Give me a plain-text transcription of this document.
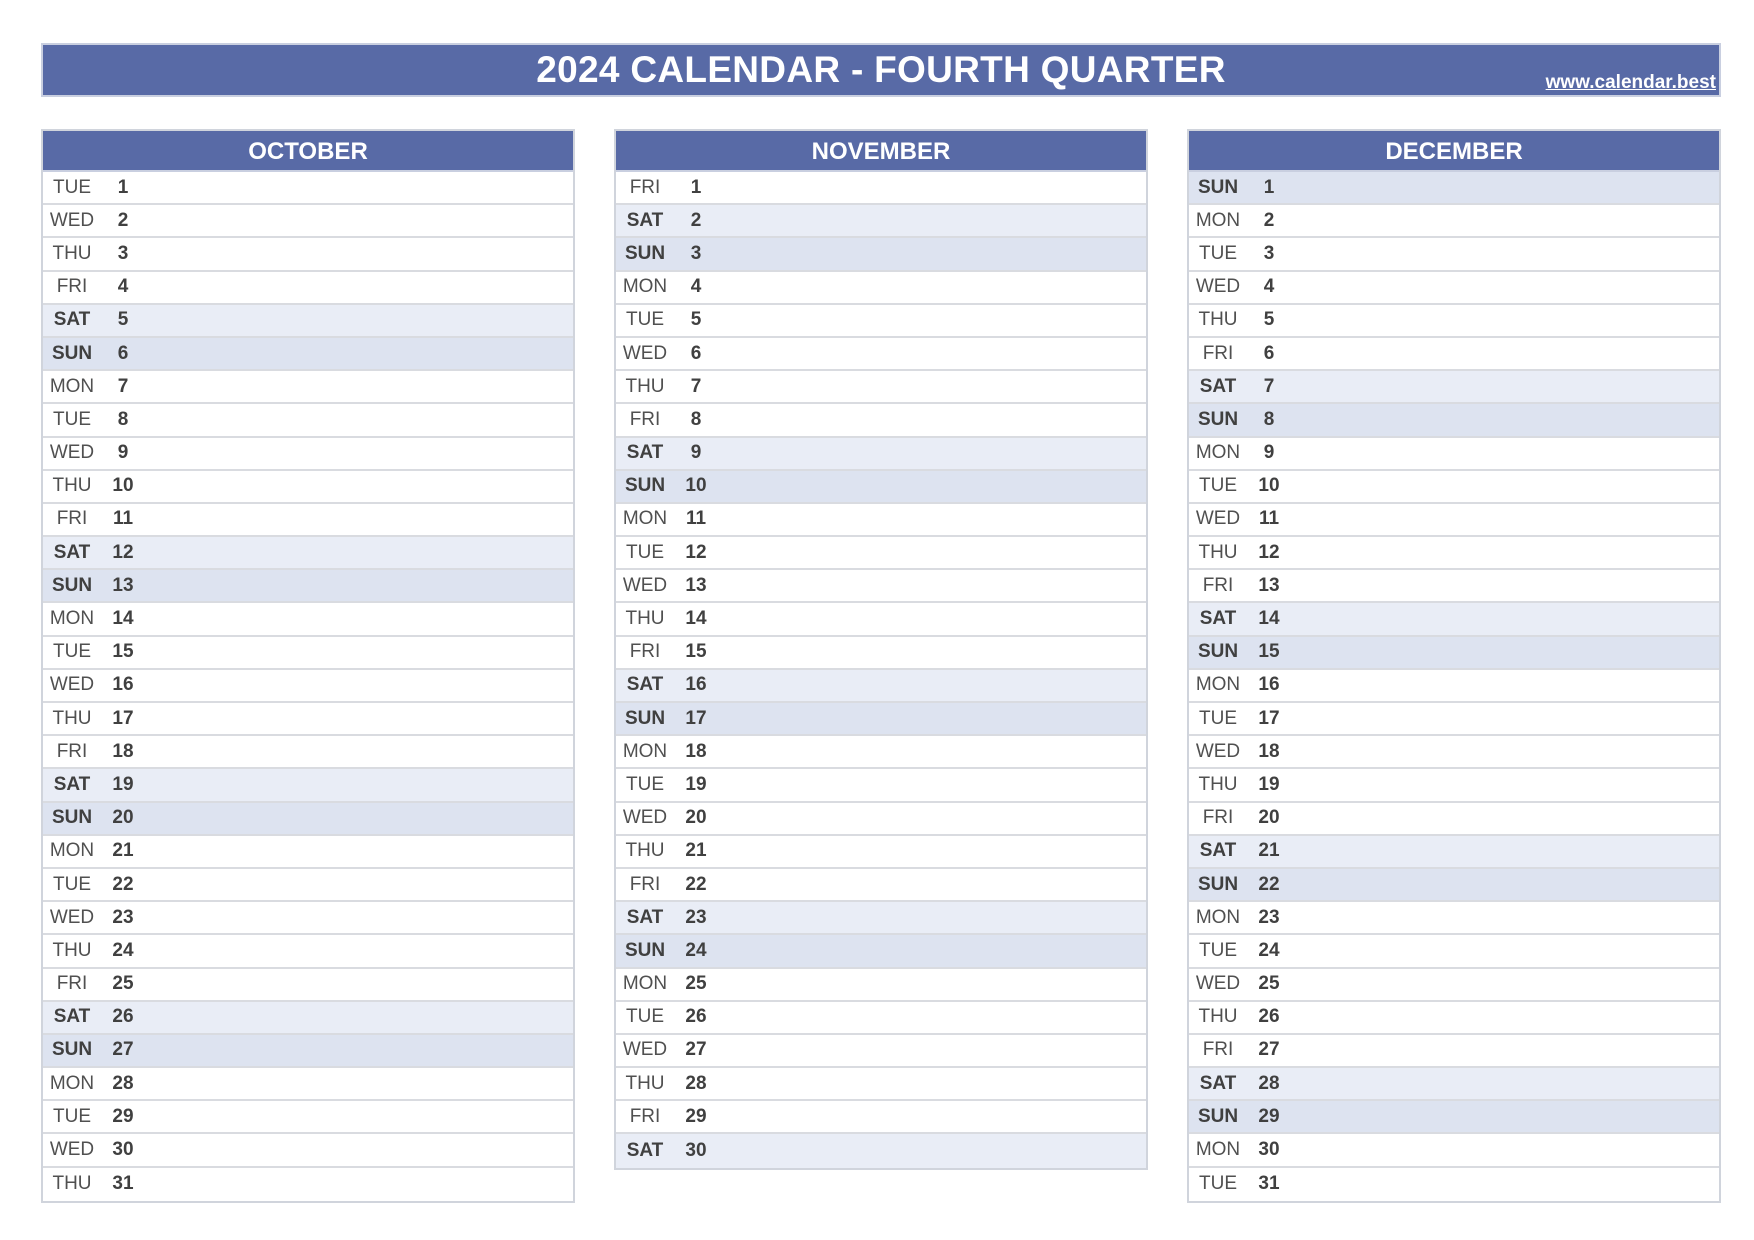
2024 CALENDAR - FOURTH QUARTER	www.calendar.best
OCTOBER
TUE	1
WED	2
THU	3
FRI	4
SAT	5
SUN	6
MON	7
TUE	8
WED	9
THU	10
FRI	11
SAT	12
SUN	13
MON 14
TUE	15
WED 16
THU	17
FRI	18
SAT	19
SUN	20
MON 21
TUE	22
WED 23
THU	24
FRI	25
SAT	26
SUN	27
MON 28
TUE	29
WED 30
THU	31
NOVEMBER
FRI	1
SAT	2
SUN	3
MON	4
TUE	5
WED	6
THU	7
FRI	8
SAT	9
SUN	10
MON 11
TUE	12
WED 13
THU	14
FRI	15
SAT	16
SUN	17
MON 18
TUE	19
WED 20
THU	21
FRI	22
SAT	23
SUN	24
MON 25
TUE	26
WED 27
THU	28
FRI	29
SAT	30
DECEMBER
SUN	1
MON	2
TUE	3
WED	4
THU	5
FRI	6
SAT	7
SUN	8
MON	9
TUE	10
WED 11
THU	12
FRI	13
SAT	14
SUN	15
MON 16
TUE	17
WED 18
THU	19
FRI	20
SAT	21
SUN	22
MON 23
TUE	24
WED 25
THU	26
FRI	27
SAT	28
SUN	29
MON 30
TUE	31
